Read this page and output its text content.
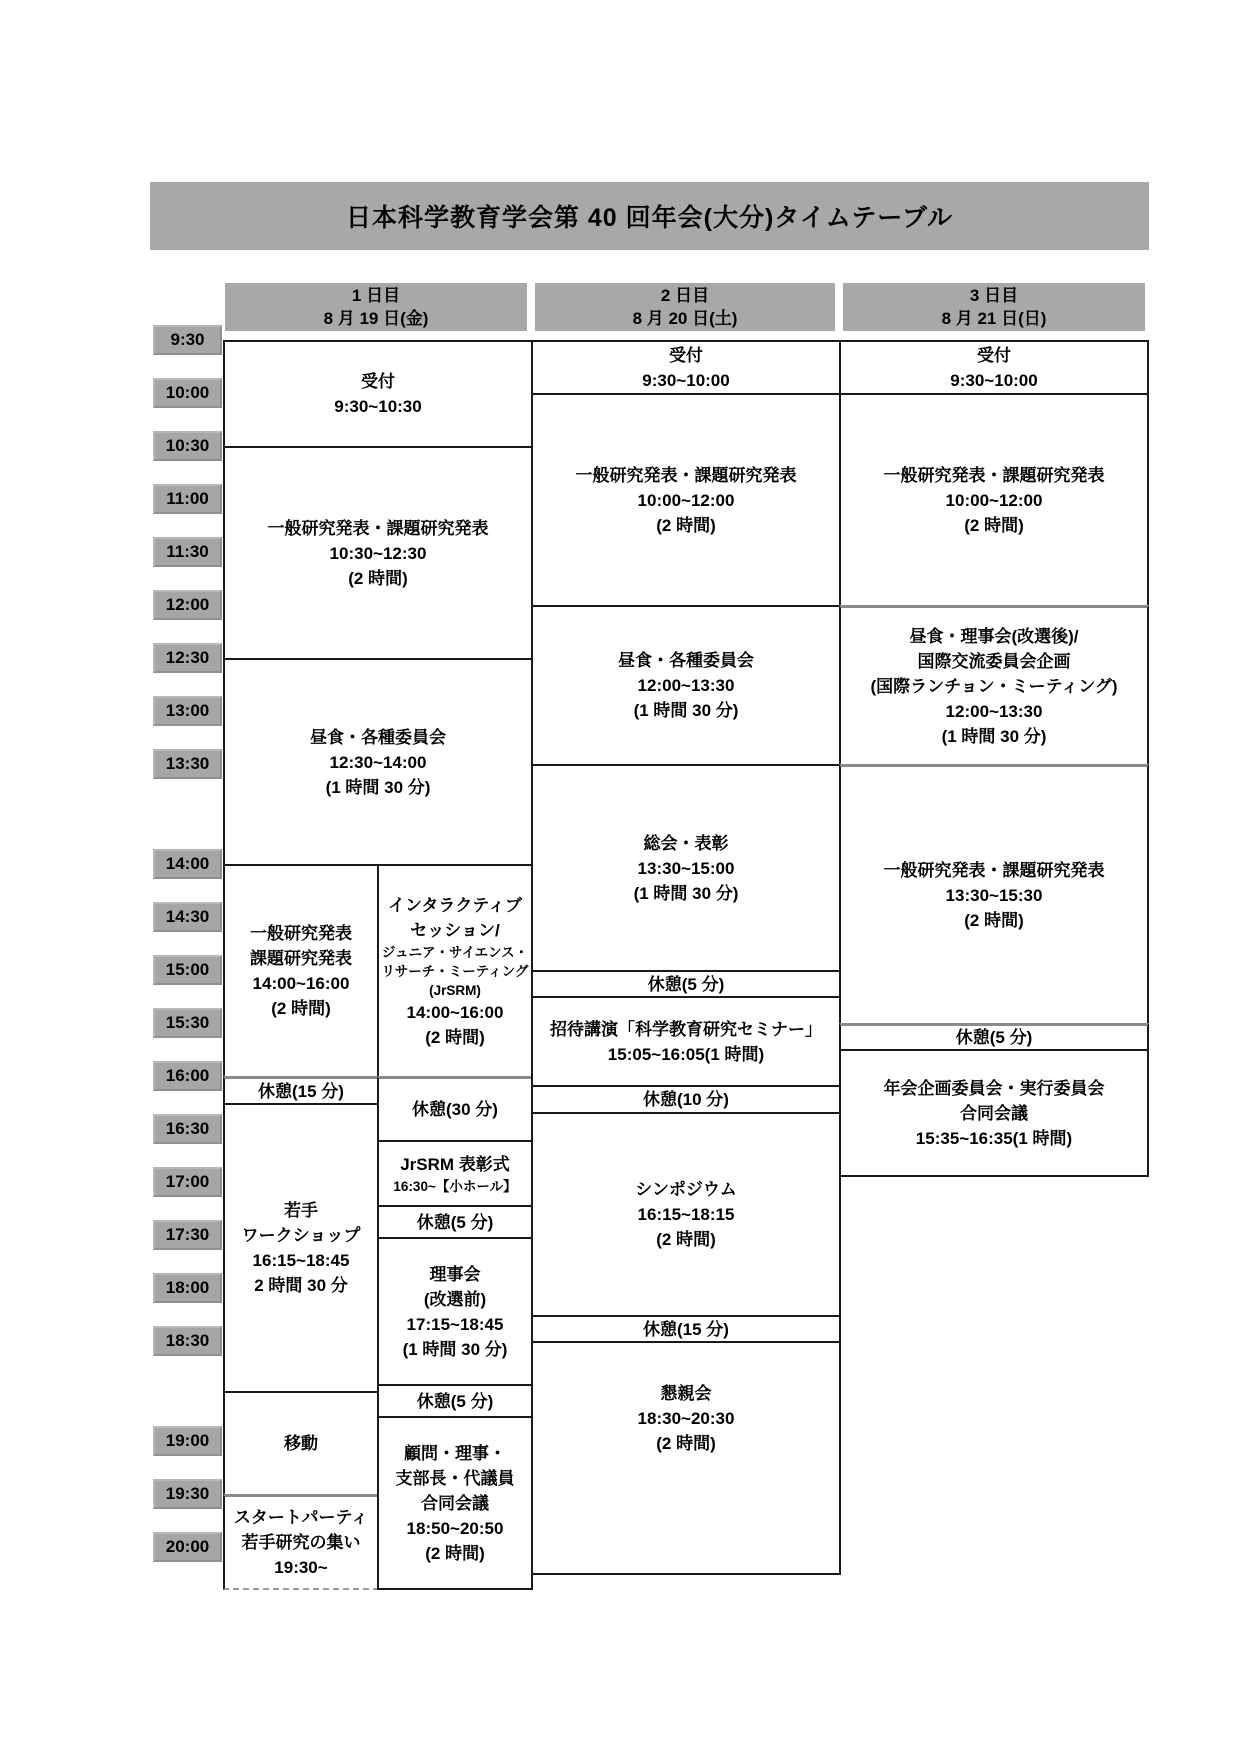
日本科学教育学会第 40 回年会(大分)タイムテーブル
1 日目
8 月 19 日(金)
2 日目
8 月 20 日(土)
3 日目
8 月 21 日(日)
9:30
10:00
10:30
11:00
11:30
12:00
12:30
13:00
13:30
14:00
14:30
15:00
15:30
16:00
16:30
17:00
17:30
18:00
18:30
19:00
19:30
20:00
受付
9:30~10:30
一般研究発表・課題研究発表
10:30~12:30
(2 時間)
昼食・各種委員会
12:30~14:00
(1 時間 30 分)
一般研究発表
課題研究発表
14:00~16:00
(2 時間)
休憩(15 分)
若手
ワークショップ
16:15~18:45
2 時間 30 分
移動
スタートパーティ
若手研究の集い
19:30~
インタラクティブ
セッション/
ジュニア・サイエンス・
リサーチ・ミーティング
(JrSRM)
14:00~16:00
(2 時間)
休憩(30 分)
JrSRM 表彰式
16:30~【小ホール】
休憩(5 分)
理事会
(改選前)
17:15~18:45
(1 時間 30 分)
休憩(5 分)
顧問・理事・
支部長・代議員
合同会議
18:50~20:50
(2 時間)
受付
9:30~10:00
一般研究発表・課題研究発表
10:00~12:00
(2 時間)
昼食・各種委員会
12:00~13:30
(1 時間 30 分)
総会・表彰
13:30~15:00
(1 時間 30 分)
休憩(5 分)
招待講演「科学教育研究セミナー」
15:05~16:05(1 時間)
休憩(10 分)
シンポジウム
16:15~18:15
(2 時間)
休憩(15 分)
懇親会
18:30~20:30
(2 時間)
受付
9:30~10:00
一般研究発表・課題研究発表
10:00~12:00
(2 時間)
昼食・理事会(改選後)/
国際交流委員会企画
(国際ランチョン・ミーティング)
12:00~13:30
(1 時間 30 分)
一般研究発表・課題研究発表
13:30~15:30
(2 時間)
休憩(5 分)
年会企画委員会・実行委員会
合同会議
15:35~16:35(1 時間)
